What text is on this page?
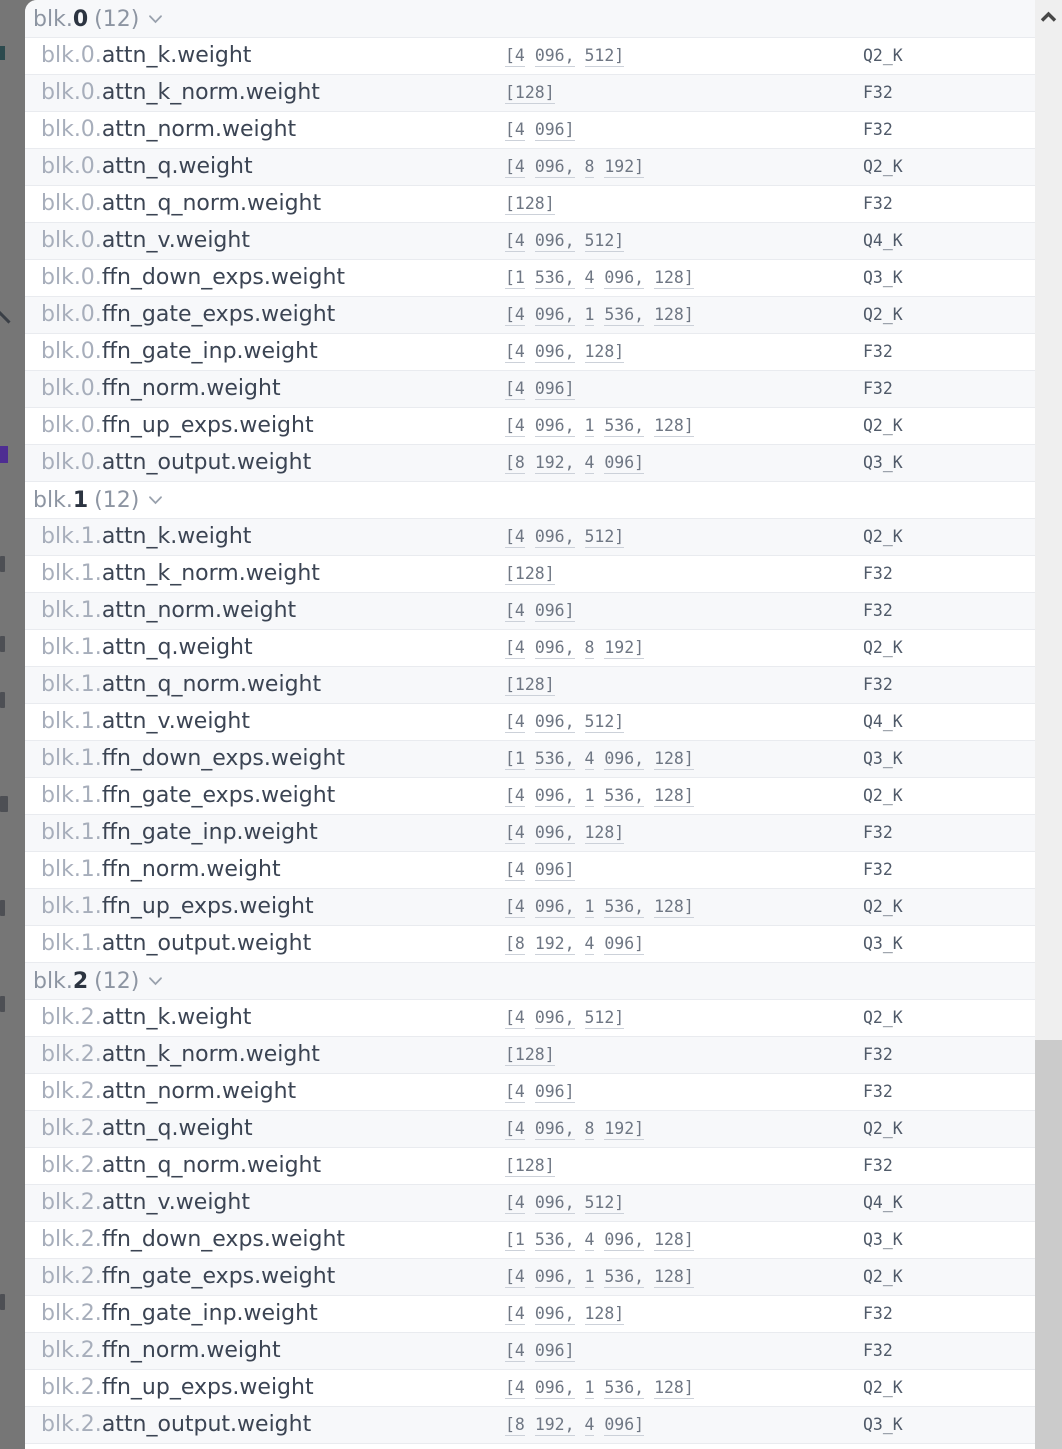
blk.0 (12)		
blk.0.attn_k.weight	[4 096, 512]	Q2_K
blk.0.attn_k_norm.weight	[128]	F32
blk.0.attn_norm.weight	[4 096]	F32
blk.0.attn_q.weight	[4 096, 8 192]	Q2_K
blk.0.attn_q_norm.weight	[128]	F32
blk.0.attn_v.weight	[4 096, 512]	Q4_K
blk.0.ffn_down_exps.weight	[1 536, 4 096, 128]	Q3_K
blk.0.ffn_gate_exps.weight	[4 096, 1 536, 128]	Q2_K
blk.0.ffn_gate_inp.weight	[4 096, 128]	F32
blk.0.ffn_norm.weight	[4 096]	F32
blk.0.ffn_up_exps.weight	[4 096, 1 536, 128]	Q2_K
blk.0.attn_output.weight	[8 192, 4 096]	Q3_K
blk.1 (12)		
blk.1.attn_k.weight	[4 096, 512]	Q2_K
blk.1.attn_k_norm.weight	[128]	F32
blk.1.attn_norm.weight	[4 096]	F32
blk.1.attn_q.weight	[4 096, 8 192]	Q2_K
blk.1.attn_q_norm.weight	[128]	F32
blk.1.attn_v.weight	[4 096, 512]	Q4_K
blk.1.ffn_down_exps.weight	[1 536, 4 096, 128]	Q3_K
blk.1.ffn_gate_exps.weight	[4 096, 1 536, 128]	Q2_K
blk.1.ffn_gate_inp.weight	[4 096, 128]	F32
blk.1.ffn_norm.weight	[4 096]	F32
blk.1.ffn_up_exps.weight	[4 096, 1 536, 128]	Q2_K
blk.1.attn_output.weight	[8 192, 4 096]	Q3_K
blk.2 (12)		
blk.2.attn_k.weight	[4 096, 512]	Q2_K
blk.2.attn_k_norm.weight	[128]	F32
blk.2.attn_norm.weight	[4 096]	F32
blk.2.attn_q.weight	[4 096, 8 192]	Q2_K
blk.2.attn_q_norm.weight	[128]	F32
blk.2.attn_v.weight	[4 096, 512]	Q4_K
blk.2.ffn_down_exps.weight	[1 536, 4 096, 128]	Q3_K
blk.2.ffn_gate_exps.weight	[4 096, 1 536, 128]	Q2_K
blk.2.ffn_gate_inp.weight	[4 096, 128]	F32
blk.2.ffn_norm.weight	[4 096]	F32
blk.2.ffn_up_exps.weight	[4 096, 1 536, 128]	Q2_K
blk.2.attn_output.weight	[8 192, 4 096]	Q3_K
